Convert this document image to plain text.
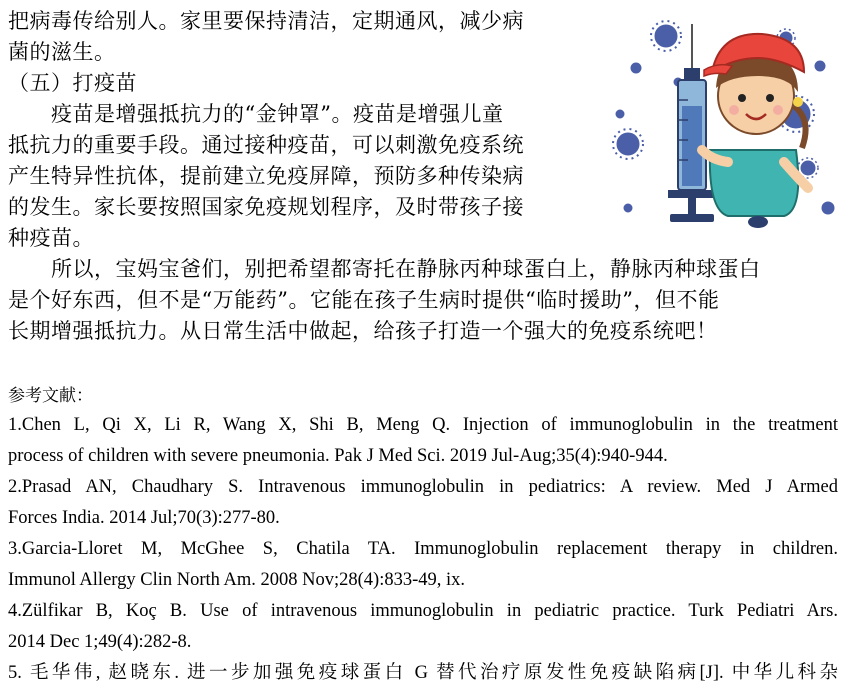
把病毒传给别人。家里要保持清洁，定期通风，减少病
菌的滋生。
（五）打疫苗
　　疫苗是增强抵抗力的“金钟罩”。疫苗是增强儿童
抵抗力的重要手段。通过接种疫苗，可以刺激免疫系统
产生特异性抗体，提前建立免疫屏障，预防多种传染病
的发生。家长要按照国家免疫规划程序，及时带孩子接
种疫苗。
　　所以，宝妈宝爸们，别把希望都寄托在静脉丙种球蛋白上，静脉丙种球蛋白
是个好东西，但不是“万能药”。它能在孩子生病时提供“临时援助”，但不能
长期增强抵抗力。从日常生活中做起，给孩子打造一个强大的免疫系统吧！
参考文献：
1.Chen L, Qi X, Li R, Wang X, Shi B, Meng Q. Injection of immunoglobulin in the treatment
process of children with severe pneumonia. Pak J Med Sci. 2019 Jul-Aug;35(4):940-944.
2.Prasad AN, Chaudhary S. Intravenous immunoglobulin in pediatrics: A review. Med J Armed
Forces India. 2014 Jul;70(3):277-80.
3.Garcia-Lloret M, McGhee S, Chatila TA. Immunoglobulin replacement therapy in children.
Immunol Allergy Clin North Am. 2008 Nov;28(4):833-49, ix.
4.Zülfikar B, Koç B. Use of intravenous immunoglobulin in pediatric practice. Turk Pediatri Ars.
2014 Dec 1;49(4):282-8.
5. 毛华伟, 赵晓东. 进一步加强免疫球蛋白 G 替代治疗原发性免疫缺陷病[J]. 中华儿科杂
